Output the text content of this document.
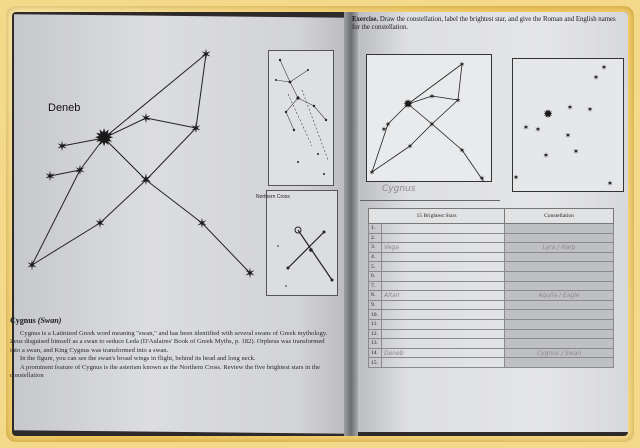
✶
✶
✶
✹
✶
✶
✶	✶
✶	✶
✶	✶
Deneb
Northern Cross
Cygnus (Swan)

Cygnus is a Latinized Greek word meaning "swan," and has been identified with several swans of Greek mythology. Zeus disguised himself as a swan to seduce Leda (D'Aulaires' Book of Greek Myths, p. 182). Orpheus was transformed into a swan, and King Cygnus was transformed into a swan.

In the figure, you can see the swan's broad wings in flight, behind its head and long neck.

A prominent feature of Cygnus is the asterism known as the Northern Cross. Review the five brightest stars in the constellation

Exercise. Draw the constellation, label the brightest star, and give the Roman and English names for the constellation.
✶
✶
✶
✹
✶	✶
✶	✶
✶
✶
✶
✶
✶
✹ ✶ ✶
✶
✶
✶
✶	✶
✶
✶
Cygnus
15 Brightest Stars		Constellation
1.		
2.		
3.	Vega	Lyra / Harp
4.		
5.		
6.		
7.		
8.	Altair	Aquila / Eagle
9.		
10.		
11.		
12.		
13.		
14.	Deneb	Cygnus / Swan
15.		
